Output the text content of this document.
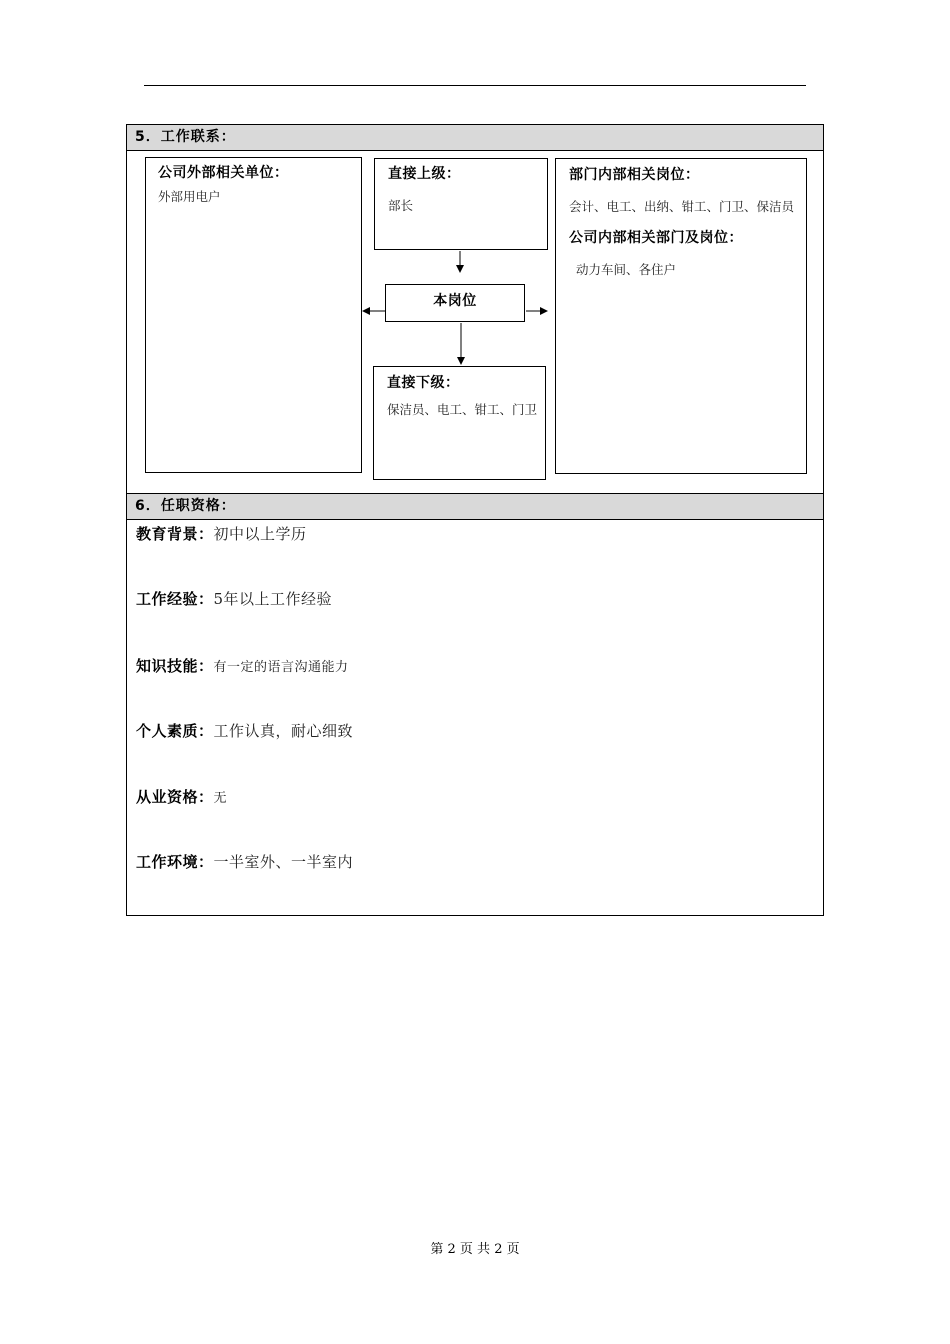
5．工作联系：
公司外部相关单位：
外部用电户
直接上级：
部长
本岗位
直接下级：
保洁员、电工、钳工、门卫
部门内部相关岗位：
会计、电工、出纳、钳工、门卫、保洁员
公司内部相关部门及岗位：
动力车间、各住户
6．任职资格：
教育背景：初中以上学历
工作经验：5年以上工作经验
知识技能：有一定的语言沟通能力
个人素质：工作认真，耐心细致
从业资格：无
工作环境：一半室外、一半室内
第 2 页 共 2 页
